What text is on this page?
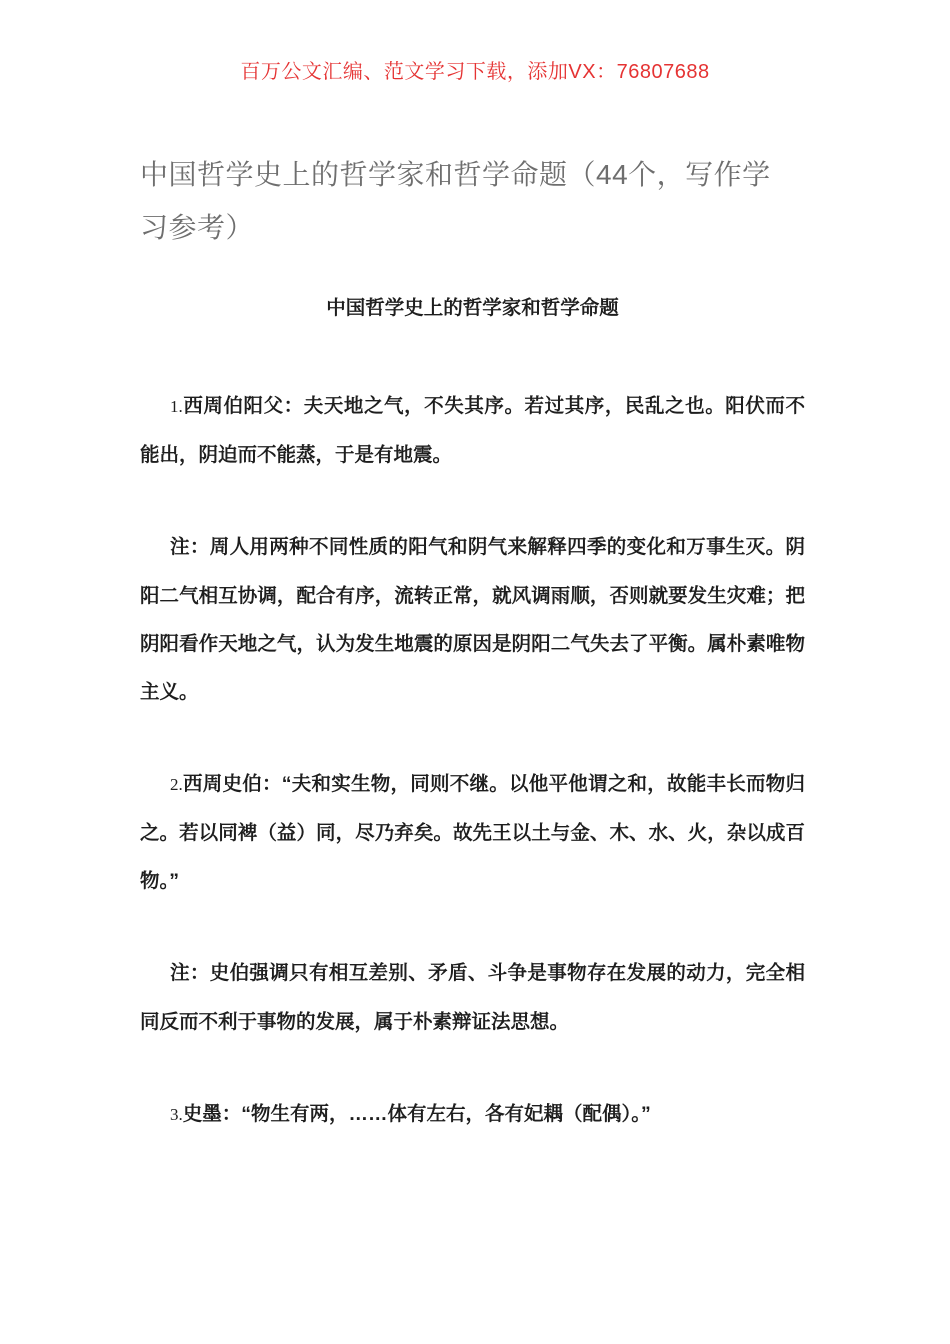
百万公文汇编、范文学习下载，添加VX：76807688
中国哲学史上的哲学家和哲学命题（44个，写作学习参考）
中国哲学史上的哲学家和哲学命题

1.西周伯阳父：夫天地之气，不失其序。若过其序，民乱之也。阳伏而不能出，阴迫而不能蒸，于是有地震。

注：周人用两种不同性质的阳气和阴气来解释四季的变化和万事生灭。阴阳二气相互协调，配合有序，流转正常，就风调雨顺，否则就要发生灾难；把阴阳看作天地之气，认为发生地震的原因是阴阳二气失去了平衡。属朴素唯物主义。

2.西周史伯：“夫和实生物，同则不继。以他平他谓之和，故能丰长而物归之。若以同裨（益）同，尽乃弃矣。故先王以土与金、木、水、火，杂以成百物。”

注：史伯强调只有相互差别、矛盾、斗争是事物存在发展的动力，完全相同反而不利于事物的发展，属于朴素辩证法思想。

3.史墨：“物生有两，……体有左右，各有妃耦（配偶）。”
